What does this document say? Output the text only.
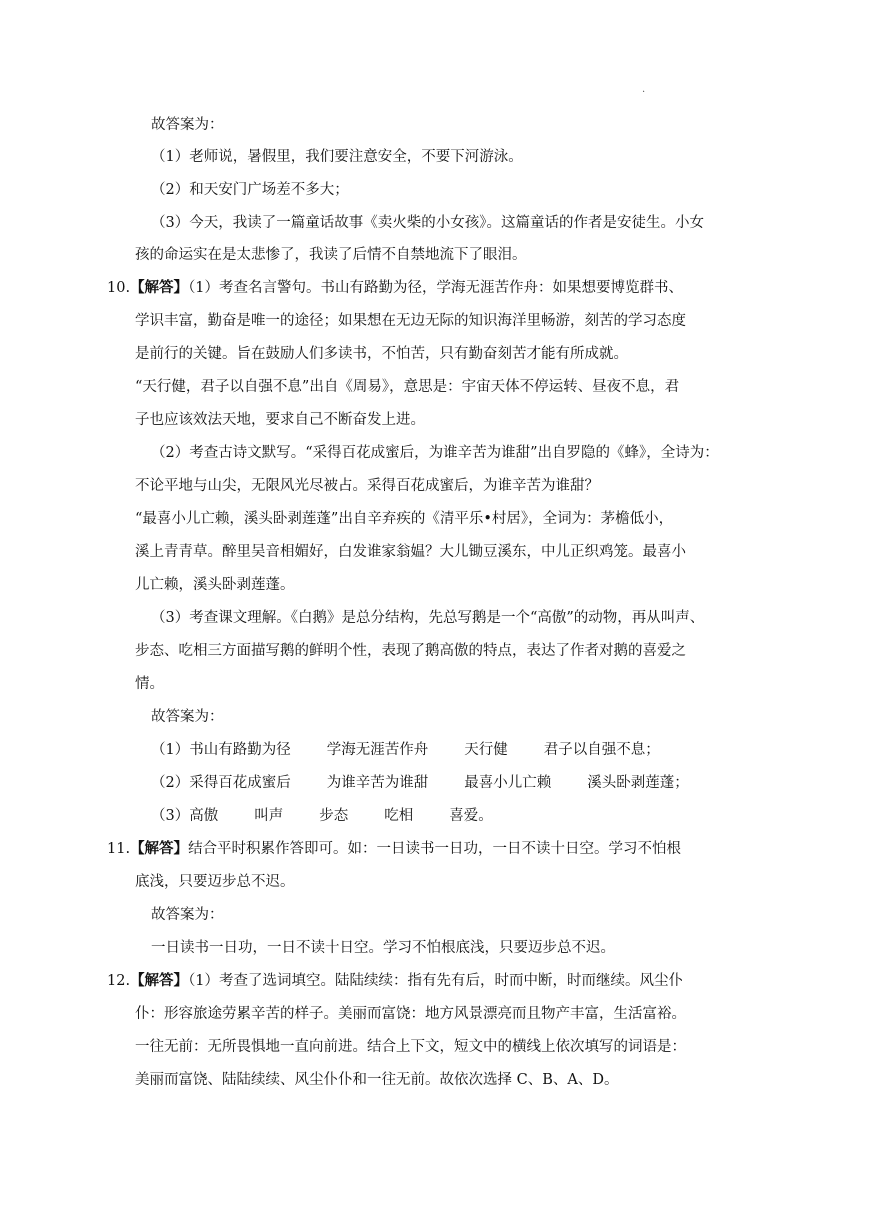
.
故答案为：
（1）老师说，暑假里，我们要注意安全，不要下河游泳。
（2）和天安门广场差不多大；
（3）今天，我读了一篇童话故事《卖火柴的小女孩》。这篇童话的作者是安徒生。小女
孩的命运实在是太悲惨了，我读了后情不自禁地流下了眼泪。
10.【解答】（1）考查名言警句。书山有路勤为径，学海无涯苦作舟：如果想要博览群书、
学识丰富，勤奋是唯一的途径；如果想在无边无际的知识海洋里畅游，刻苦的学习态度
是前行的关键。旨在鼓励人们多读书，不怕苦，只有勤奋刻苦才能有所成就。
“天行健，君子以自强不息”出自《周易》，意思是：宇宙天体不停运转、昼夜不息，君
子也应该效法天地，要求自己不断奋发上进。
（2）考查古诗文默写。“采得百花成蜜后，为谁辛苦为谁甜”出自罗隐的《蜂》，全诗为：
不论平地与山尖，无限风光尽被占。采得百花成蜜后，为谁辛苦为谁甜？
“最喜小儿亡赖，溪头卧剥莲蓬”出自辛弃疾的《清平乐•村居》，全词为：茅檐低小，
溪上青青草。醉里吴音相媚好，白发谁家翁媪？大儿锄豆溪东，中儿正织鸡笼。最喜小
儿亡赖，溪头卧剥莲蓬。
（3）考查课文理解。《白鹅》是总分结构，先总写鹅是一个“高傲”的动物，再从叫声、
步态、吃相三方面描写鹅的鲜明个性，表现了鹅高傲的特点，表达了作者对鹅的喜爱之
情。
故答案为：
（1）书山有路勤为径 学海无涯苦作舟 天行健 君子以自强不息；
（2）采得百花成蜜后 为谁辛苦为谁甜 最喜小儿亡赖 溪头卧剥莲蓬；
（3）高傲 叫声 步态 吃相 喜爱。
11.【解答】结合平时积累作答即可。如：一日读书一日功，一日不读十日空。学习不怕根
底浅，只要迈步总不迟。
故答案为：
一日读书一日功，一日不读十日空。学习不怕根底浅，只要迈步总不迟。
12.【解答】（1）考查了选词填空。陆陆续续：指有先有后，时而中断，时而继续。风尘仆
仆：形容旅途劳累辛苦的样子。美丽而富饶：地方风景漂亮而且物产丰富，生活富裕。
一往无前：无所畏惧地一直向前进。结合上下文，短文中的横线上依次填写的词语是：
美丽而富饶、陆陆续续、风尘仆仆和一往无前。故依次选择 C、B、A、D。
